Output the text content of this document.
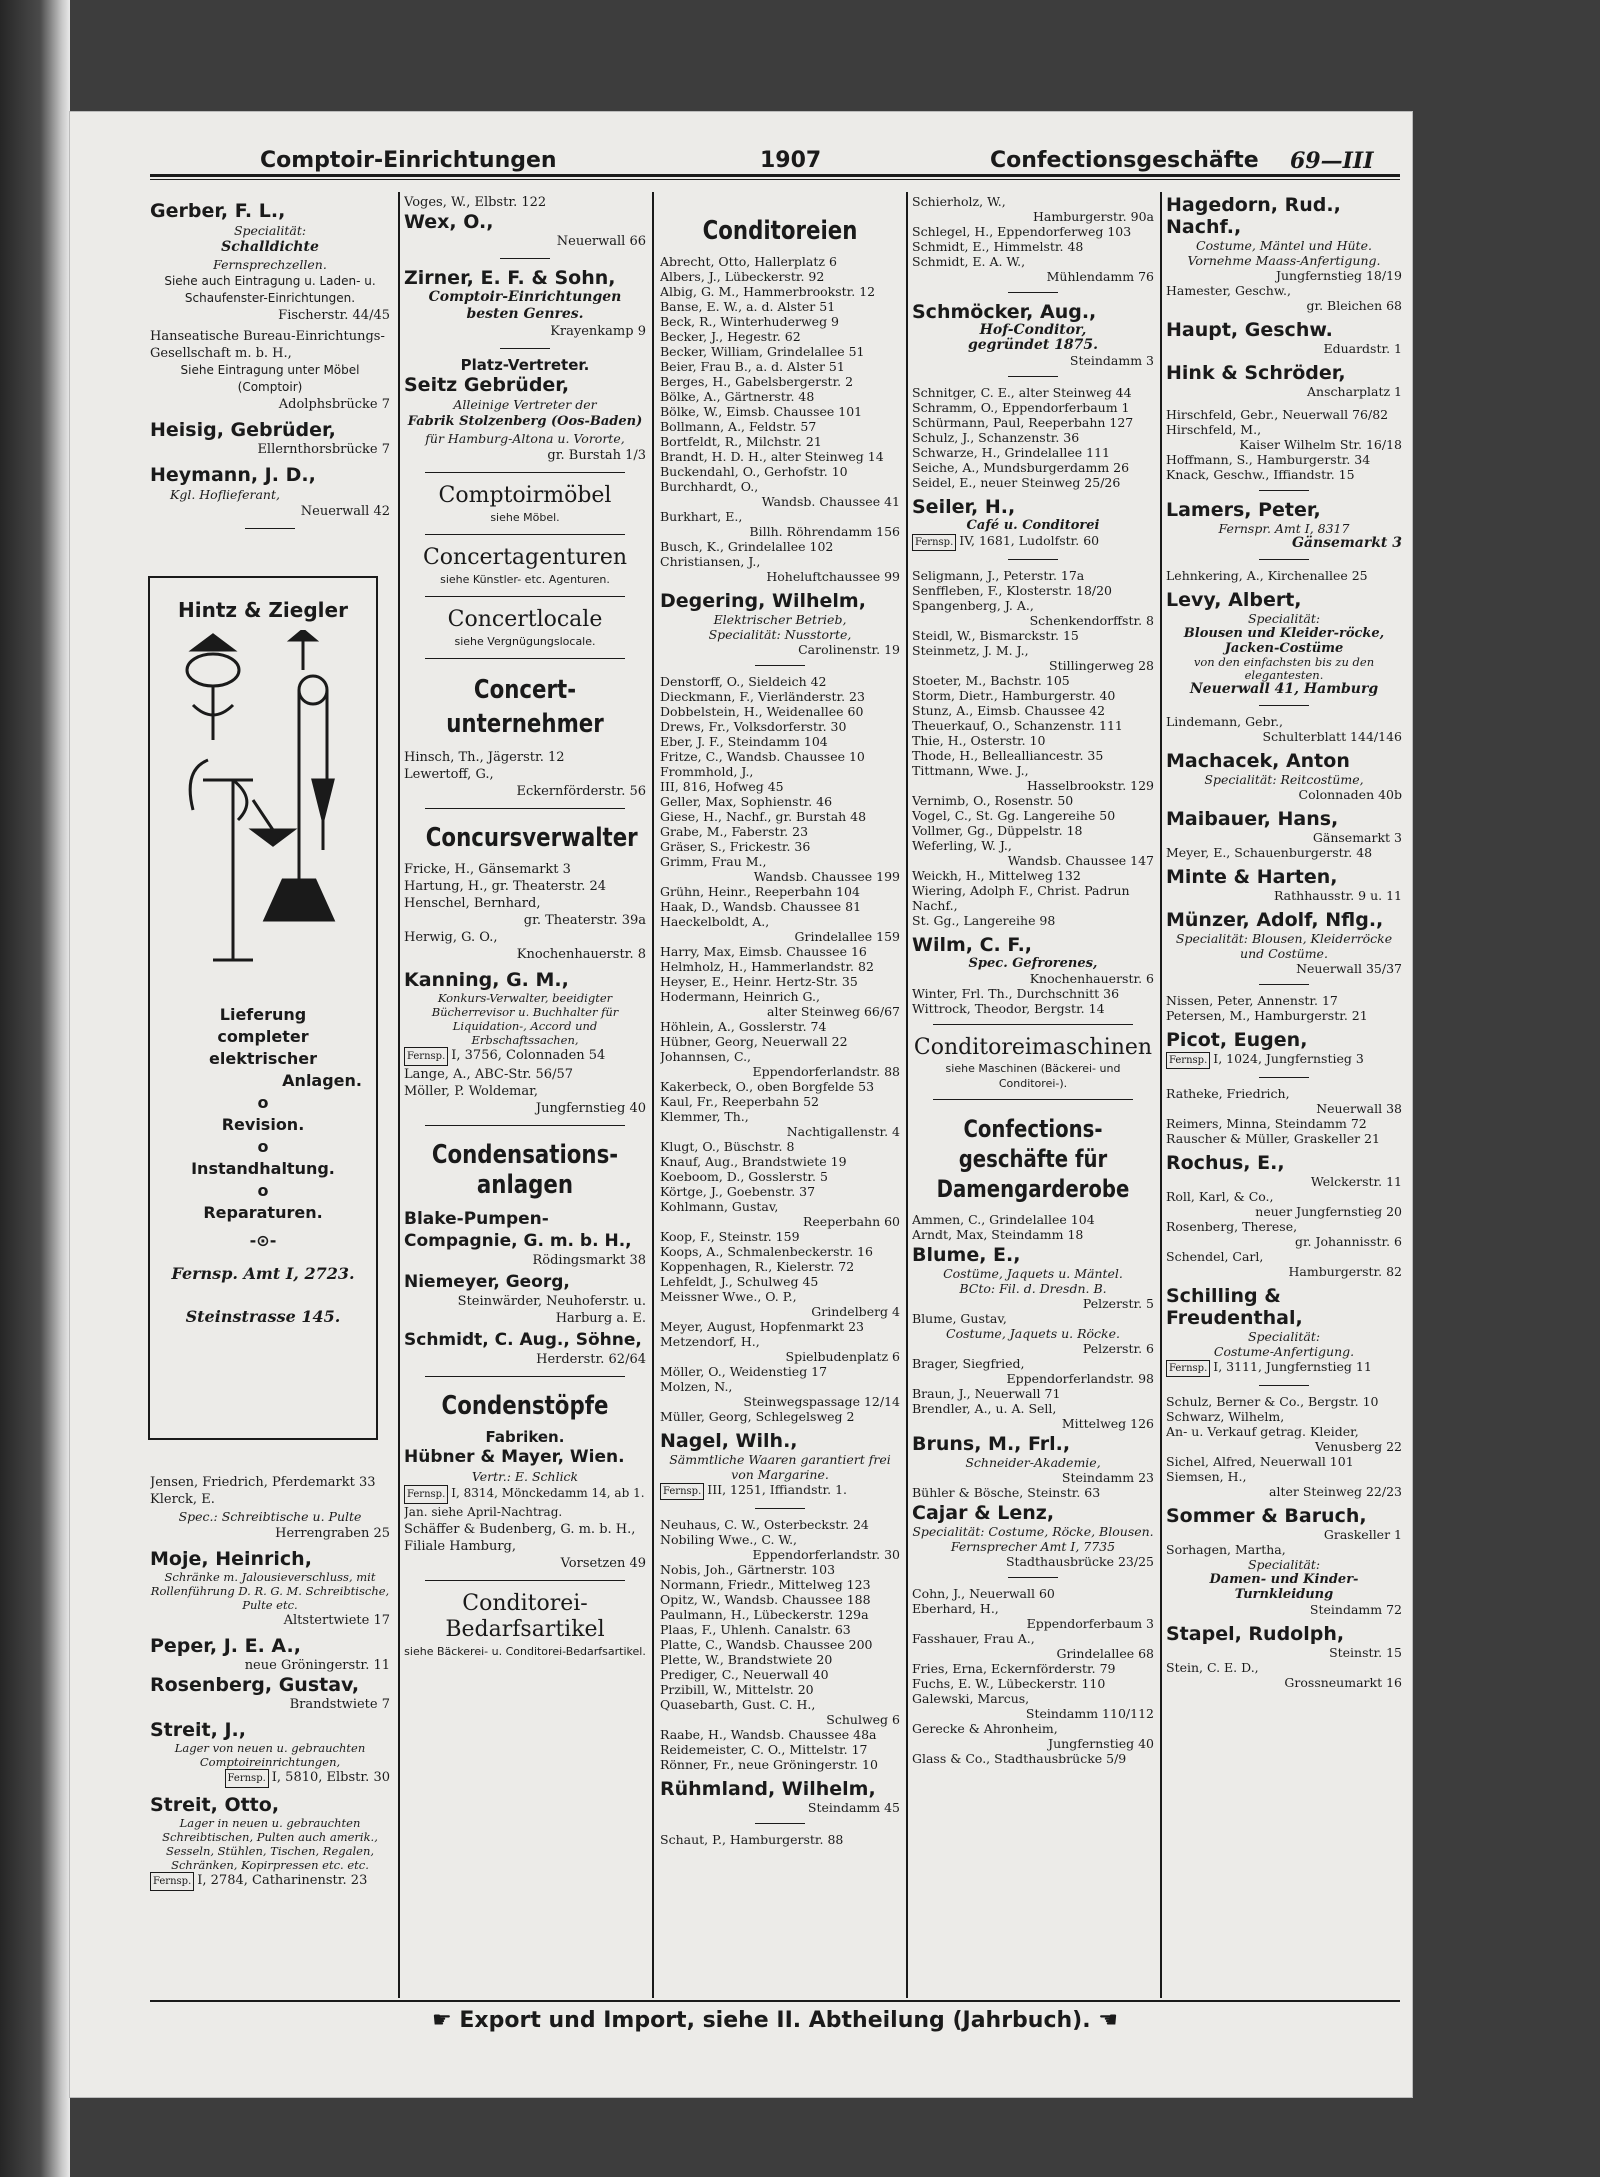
Comptoir-Einrichtungen	1907	Confectionsgeschäfte 69—III
Gerber, F. L.,
Specialität:
Schalldichte
Fernsprechzellen.
Siehe auch Eintragung u. Laden- u. Schaufenster-Einrichtungen.
Fischerstr. 44/45
Hanseatische Bureau-Einrichtungs-Gesellschaft m. b. H.,
Siehe Eintragung unter Möbel (Comptoir)
Adolphsbrücke 7
Heisig, Gebrüder,
Ellernthorsbrücke 7
Heymann, J. D.,
Kgl. Hoflieferant,
Neuerwall 42
Hintz & Ziegler
Lieferung
completer
elektrischer
Anlagen.
o
Revision.
o
Instandhaltung.
o
Reparaturen.
-⊙-
Fernsp. Amt I, 2723.
Steinstrasse 145.
Jensen, Friedrich, Pferdemarkt 33
Klerck, E.
Spec.: Schreibtische u. Pulte
Herrengraben 25
Moje, Heinrich,
Schränke m. Jalousieverschluss, mit Rollenführung D. R. G. M. Schreibtische, Pulte etc.
Altstertwiete 17
Peper, J. E. A.,
neue Gröningerstr. 11
Rosenberg, Gustav,
Brandstwiete 7
Streit, J.,
Lager von neuen u. gebrauchten Comptoireinrichtungen,
Fernsp. I, 5810, Elbstr. 30
Streit, Otto,
Lager in neuen u. gebrauchten Schreibtischen, Pulten auch amerik., Sesseln, Stühlen, Tischen, Regalen, Schränken, Kopirpressen etc. etc.
Fernsp. I, 2784, Catharinenstr. 23
Voges, W., Elbstr. 122
Wex, O.,
Neuerwall 66
Zirner, E. F. & Sohn,
Comptoir-Einrichtungen besten Genres.
Krayenkamp 9
Platz-Vertreter.
Seitz Gebrüder,
Alleinige Vertreter der
Fabrik Stolzenberg (Oos-Baden)
für Hamburg-Altona u. Vororte,
gr. Burstah 1/3
Comptoirmöbel
siehe Möbel.
Concertagenturen
siehe Künstler- etc. Agenturen.
Concertlocale
siehe Vergnügungslocale.
Concert-unternehmer
Hinsch, Th., Jägerstr. 12
Lewertoff, G.,
Eckernförderstr. 56
Concursverwalter
Fricke, H., Gänsemarkt 3
Hartung, H., gr. Theaterstr. 24
Henschel, Bernhard,
gr. Theaterstr. 39a
Herwig, G. O.,
Knochenhauerstr. 8
Kanning, G. M.,
Konkurs-Verwalter, beeidigter Bücherrevisor u. Buchhalter für Liquidation-, Accord und Erbschaftssachen,
Fernsp. I, 3756, Colonnaden 54
Lange, A., ABC-Str. 56/57
Möller, P. Woldemar,
Jungfernstieg 40
Condensations-anlagen
Blake-Pumpen-Compagnie, G. m. b. H.,
Rödingsmarkt 38
Niemeyer, Georg,
Steinwärder, Neuhoferstr. u. Harburg a. E.
Schmidt, C. Aug., Söhne,
Herderstr. 62/64
Condenstöpfe
Fabriken.
Hübner & Mayer, Wien.
Vertr.: E. Schlick
Fernsp. I, 8314, Mönckedamm 14, ab 1. Jan. siehe April-Nachtrag.
Schäffer & Budenberg, G. m. b. H., Filiale Hamburg,
Vorsetzen 49
Conditorei-Bedarfsartikel
siehe Bäckerei- u. Conditorei-Bedarfsartikel.
Conditoreien
Abrecht, Otto, Hallerplatz 6
Albers, J., Lübeckerstr. 92
Albig, G. M., Hammerbrookstr. 12
Banse, E. W., a. d. Alster 51
Beck, R., Winterhuderweg 9
Becker, J., Hegestr. 62
Becker, William, Grindelallee 51
Beier, Frau B., a. d. Alster 51
Berges, H., Gabelsbergerstr. 2
Bölke, A., Gärtnerstr. 48
Bölke, W., Eimsb. Chaussee 101
Bollmann, A., Feldstr. 57
Bortfeldt, R., Milchstr. 21
Brandt, H. D. H., alter Steinweg 14
Buckendahl, O., Gerhofstr. 10
Burchhardt, O.,
Wandsb. Chaussee 41
Burkhart, E.,
Billh. Röhrendamm 156
Busch, K., Grindelallee 102
Christiansen, J.,
Hoheluftchaussee 99
Degering, Wilhelm,
Elektrischer Betrieb,
Specialität: Nusstorte,
Carolinenstr. 19
Denstorff, O., Sieldeich 42
Dieckmann, F., Vierländerstr. 23
Dobbelstein, H., Weidenallee 60
Drews, Fr., Volksdorferstr. 30
Eber, J. F., Steindamm 104
Fritze, C., Wandsb. Chaussee 10
Frommhold, J.,
III, 816, Hofweg 45
Geller, Max, Sophienstr. 46
Giese, H., Nachf., gr. Burstah 48
Grabe, M., Faberstr. 23
Gräser, S., Frickestr. 36
Grimm, Frau M.,
Wandsb. Chaussee 199
Grühn, Heinr., Reeperbahn 104
Haak, D., Wandsb. Chaussee 81
Haeckelboldt, A.,
Grindelallee 159
Harry, Max, Eimsb. Chaussee 16
Helmholz, H., Hammerlandstr. 82
Heyser, E., Heinr. Hertz-Str. 35
Hodermann, Heinrich G.,
alter Steinweg 66/67
Höhlein, A., Gosslerstr. 74
Hübner, Georg, Neuerwall 22
Johannsen, C.,
Eppendorferlandstr. 88
Kakerbeck, O., oben Borgfelde 53
Kaul, Fr., Reeperbahn 52
Klemmer, Th.,
Nachtigallenstr. 4
Klugt, O., Büschstr. 8
Knauf, Aug., Brandstwiete 19
Koeboom, D., Gosslerstr. 5
Körtge, J., Goebenstr. 37
Kohlmann, Gustav,
Reeperbahn 60
Koop, F., Steinstr. 159
Koops, A., Schmalenbeckerstr. 16
Koppenhagen, R., Kielerstr. 72
Lehfeldt, J., Schulweg 45
Meissner Wwe., O. P.,
Grindelberg 4
Meyer, August, Hopfenmarkt 23
Metzendorf, H.,
Spielbudenplatz 6
Möller, O., Weidenstieg 17
Molzen, N.,
Steinwegspassage 12/14
Müller, Georg, Schlegelsweg 2
Nagel, Wilh.,
Sämmtliche Waaren garantiert frei von Margarine.
Fernsp. III, 1251, Iffiandstr. 1.
Neuhaus, C. W., Osterbeckstr. 24
Nobiling Wwe., C. W.,
Eppendorferlandstr. 30
Nobis, Joh., Gärtnerstr. 103
Normann, Friedr., Mittelweg 123
Opitz, W., Wandsb. Chaussee 188
Paulmann, H., Lübeckerstr. 129a
Plaas, F., Uhlenh. Canalstr. 63
Platte, C., Wandsb. Chaussee 200
Plette, W., Brandstwiete 20
Prediger, C., Neuerwall 40
Przibill, W., Mittelstr. 20
Quasebarth, Gust. C. H.,
Schulweg 6
Raabe, H., Wandsb. Chaussee 48a
Reidemeister, C. O., Mittelstr. 17
Rönner, Fr., neue Gröningerstr. 10
Rühmland, Wilhelm,
Steindamm 45
Schaut, P., Hamburgerstr. 88
Schierholz, W.,
Hamburgerstr. 90a
Schlegel, H., Eppendorferweg 103
Schmidt, E., Himmelstr. 48
Schmidt, E. A. W.,
Mühlendamm 76
Schmöcker, Aug.,
Hof-Conditor,
gegründet 1875.
Steindamm 3
Schnitger, C. E., alter Steinweg 44
Schramm, O., Eppendorferbaum 1
Schürmann, Paul, Reeperbahn 127
Schulz, J., Schanzenstr. 36
Schwarze, H., Grindelallee 111
Seiche, A., Mundsburgerdamm 26
Seidel, E., neuer Steinweg 25/26
Seiler, H.,
Café u. Conditorei
Fernsp. IV, 1681, Ludolfstr. 60
Seligmann, J., Peterstr. 17a
Senffleben, F., Klosterstr. 18/20
Spangenberg, J. A.,
Schenkendorffstr. 8
Steidl, W., Bismarckstr. 15
Steinmetz, J. M. J.,
Stillingerweg 28
Stoeter, M., Bachstr. 105
Storm, Dietr., Hamburgerstr. 40
Stunz, A., Eimsb. Chaussee 42
Theuerkauf, O., Schanzenstr. 111
Thie, H., Osterstr. 10
Thode, H., Bellealliancestr. 35
Tittmann, Wwe. J.,
Hasselbrookstr. 129
Vernimb, O., Rosenstr. 50
Vogel, C., St. Gg. Langereihe 50
Vollmer, Gg., Düppelstr. 18
Weferling, W. J.,
Wandsb. Chaussee 147
Weickh, H., Mittelweg 132
Wiering, Adolph F., Christ. Padrun Nachf.,
St. Gg., Langereihe 98
Wilm, C. F.,
Spec. Gefrorenes,
Knochenhauerstr. 6
Winter, Frl. Th., Durchschnitt 36
Wittrock, Theodor, Bergstr. 14
Conditoreimaschinen
siehe Maschinen (Bäckerei- und Conditorei-).
Confections-geschäfte für Damengarderobe
Ammen, C., Grindelallee 104
Arndt, Max, Steindamm 18
Blume, E.,
Costüme, Jaquets u. Mäntel.
BCto: Fil. d. Dresdn. B.
Pelzerstr. 5
Blume, Gustav,
Costume, Jaquets u. Röcke.
Pelzerstr. 6
Brager, Siegfried,
Eppendorferlandstr. 98
Braun, J., Neuerwall 71
Brendler, A., u. A. Sell,
Mittelweg 126
Bruns, M., Frl.,
Schneider-Akademie,
Steindamm 23
Bühler & Bösche, Steinstr. 63
Cajar & Lenz,
Specialität: Costume, Röcke, Blousen.
Fernsprecher Amt I, 7735
Stadthausbrücke 23/25
Cohn, J., Neuerwall 60
Eberhard, H.,
Eppendorferbaum 3
Fasshauer, Frau A.,
Grindelallee 68
Fries, Erna, Eckernförderstr. 79
Fuchs, E. W., Lübeckerstr. 110
Galewski, Marcus,
Steindamm 110/112
Gerecke & Ahronheim,
Jungfernstieg 40
Glass & Co., Stadthausbrücke 5/9
Hagedorn, Rud., Nachf.,
Costume, Mäntel und Hüte. Vornehme Maass-Anfertigung.
Jungfernstieg 18/19
Hamester, Geschw.,
gr. Bleichen 68
Haupt, Geschw.
Eduardstr. 1
Hink & Schröder,
Anscharplatz 1
Hirschfeld, Gebr., Neuerwall 76/82
Hirschfeld, M.,
Kaiser Wilhelm Str. 16/18
Hoffmann, S., Hamburgerstr. 34
Knack, Geschw., Iffiandstr. 15
Lamers, Peter,
Fernspr. Amt I, 8317
Gänsemarkt 3
Lehnkering, A., Kirchenallee 25
Levy, Albert,
Specialität:
Blousen und Kleider-röcke, Jacken-Costüme
von den einfachsten bis zu den elegantesten.
Neuerwall 41, Hamburg
Lindemann, Gebr.,
Schulterblatt 144/146
Machacek, Anton
Specialität: Reitcostüme,
Colonnaden 40b
Maibauer, Hans,
Gänsemarkt 3
Meyer, E., Schauenburgerstr. 48
Minte & Harten,
Rathhausstr. 9 u. 11
Münzer, Adolf, Nflg.,
Specialität: Blousen, Kleiderröcke und Costüme.
Neuerwall 35/37
Nissen, Peter, Annenstr. 17
Petersen, M., Hamburgerstr. 21
Picot, Eugen,
Fernsp. I, 1024, Jungfernstieg 3
Ratheke, Friedrich,
Neuerwall 38
Reimers, Minna, Steindamm 72
Rauscher & Müller, Graskeller 21
Rochus, E.,
Welckerstr. 11
Roll, Karl, & Co.,
neuer Jungfernstieg 20
Rosenberg, Therese,
gr. Johannisstr. 6
Schendel, Carl,
Hamburgerstr. 82
Schilling & Freudenthal,
Specialität:
Costume-Anfertigung.
Fernsp. I, 3111, Jungfernstieg 11
Schulz, Berner & Co., Bergstr. 10
Schwarz, Wilhelm,
An- u. Verkauf getrag. Kleider,
Venusberg 22
Sichel, Alfred, Neuerwall 101
Siemsen, H.,
alter Steinweg 22/23
Sommer & Baruch,
Graskeller 1
Sorhagen, Martha,
Specialität:
Damen- und Kinder-Turnkleidung
Steindamm 72
Stapel, Rudolph,
Steinstr. 15
Stein, C. E. D.,
Grossneumarkt 16
☛ Export und Import, siehe II. Abtheilung (Jahrbuch). ☚
